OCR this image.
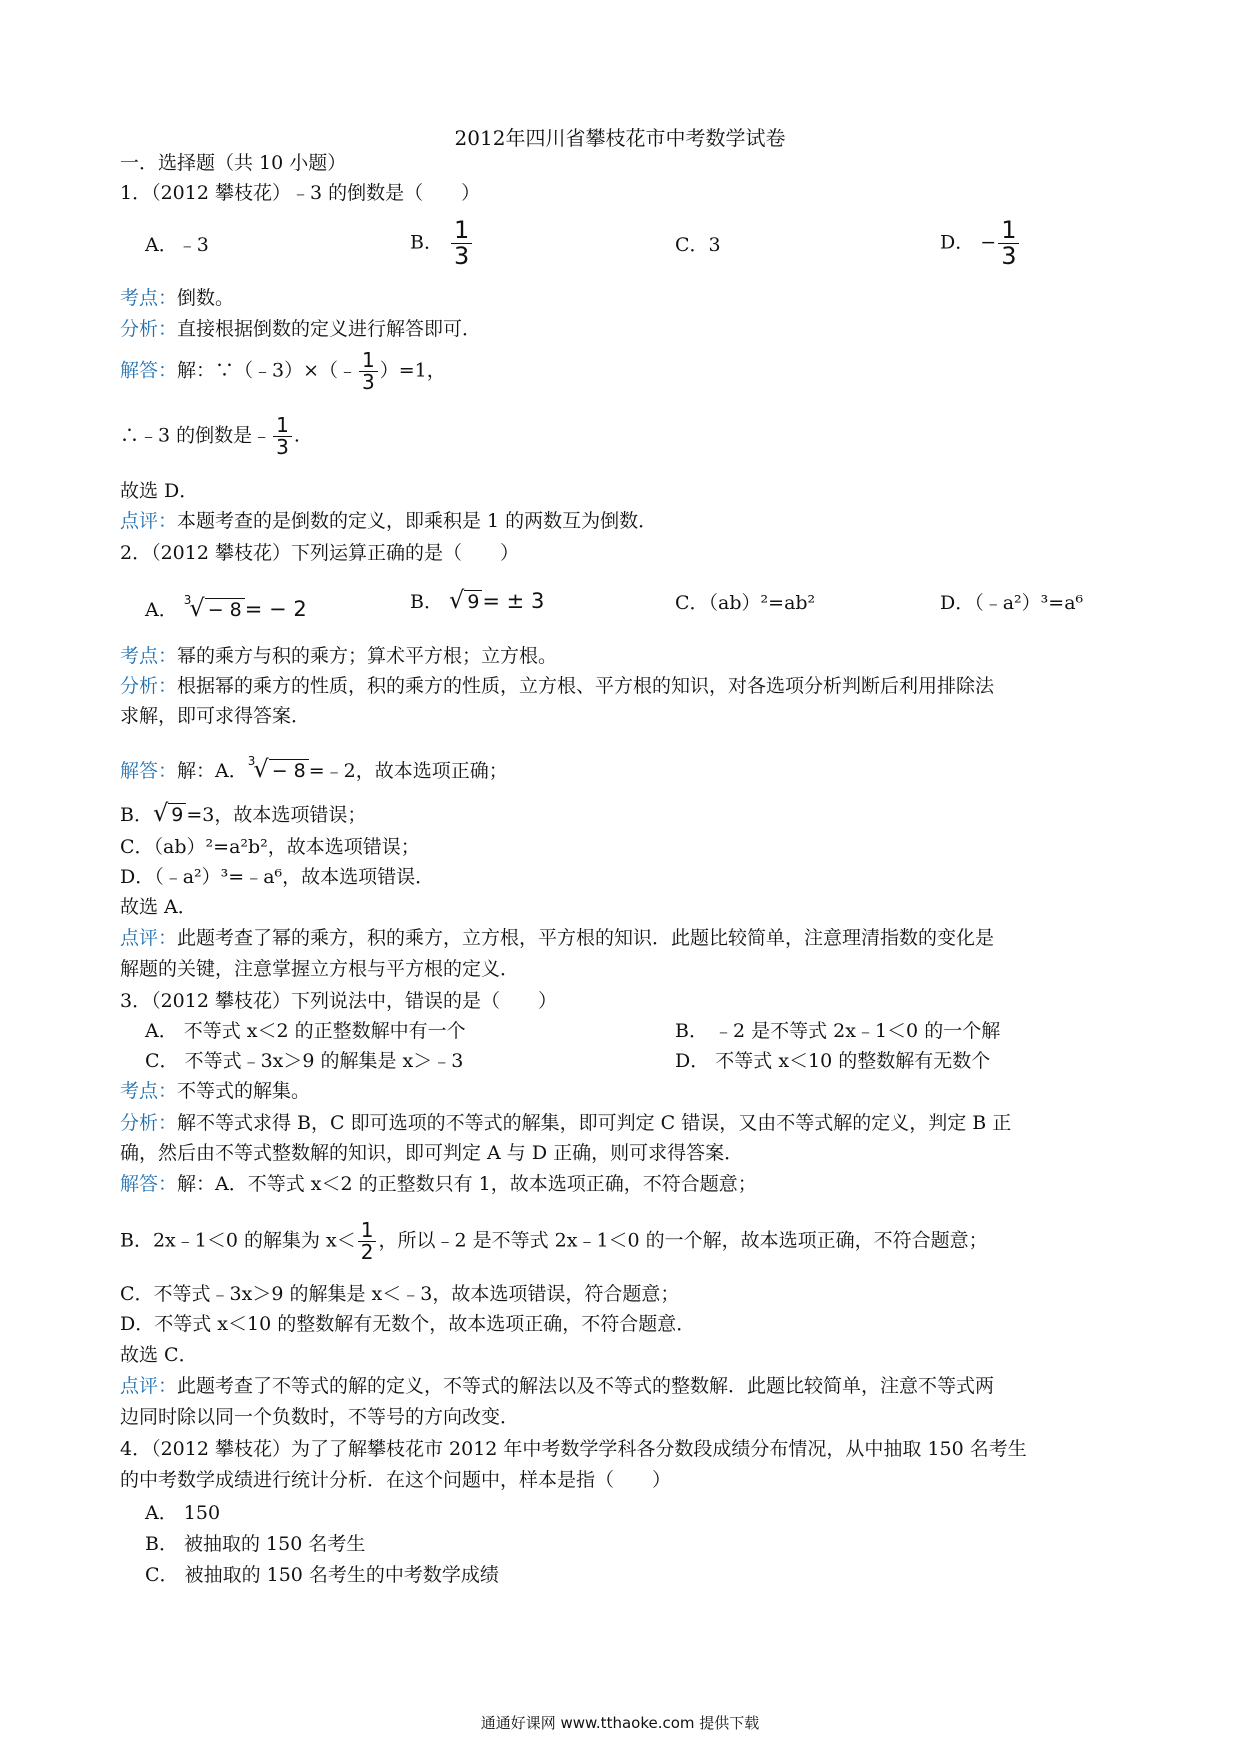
2012年四川省攀枝花市中考数学试卷
一．选择题（共 10 小题）
1．（2012 攀枝花）﹣3 的倒数是（　　）
A．﹣3	B． $\frac{1}{3}$	C．3	D． − $\frac{1}{3}$
考点：倒数。
分析：直接根据倒数的定义进行解答即可．
解答：解：∵（﹣3）×（﹣ $\frac{1}{3} )=1$，
∴﹣3 的倒数是﹣ $\frac{1}{3}$ .
故选 D．
点评：本题考查的是倒数的定义，即乘积是 1 的两数互为倒数．
2．（2012 攀枝花）下列运算正确的是（　　）
A． $^3$√ − 8 = − 2	B． √ 9 = ± 3	C．（ab）²=ab²	D．（﹣a²）³=a⁶
考点：幂的乘方与积的乘方；算术平方根；立方根。
分析：根据幂的乘方的性质，积的乘方的性质，立方根、平方根的知识，对各选项分析判断后利用排除法
求解，即可求得答案．
解答：解：A．$^3$√ − 8 =﹣2，故本选项正确；
B．√ 9 =3，故本选项错误；
C．（ab）²=a²b²，故本选项错误；
D．（﹣a²）³=﹣a⁶，故本选项错误．
故选 A．
点评：此题考查了幂的乘方，积的乘方，立方根，平方根的知识．此题比较简单，注意理清指数的变化是
解题的关键，注意掌握立方根与平方根的定义．
3．（2012 攀枝花）下列说法中，错误的是（　　）
A． 不等式 x＜2 的正整数解中有一个	B． ﹣2 是不等式 2x﹣1＜0 的一个解
C． 不等式﹣3x＞9 的解集是 x＞﹣3	D． 不等式 x＜10 的整数解有无数个
考点：不等式的解集。
分析：解不等式求得 B，C 即可选项的不等式的解集，即可判定 C 错误，又由不等式解的定义，判定 B 正
确，然后由不等式整数解的知识，即可判定 A 与 D 正确，则可求得答案．
解答：解：A．不等式 x＜2 的正整数只有 1，故本选项正确，不符合题意；
B．2x﹣1＜0 的解集为 $x< \frac{1}{2}$ ，所以﹣2 是不等式 2x﹣1＜0 的一个解，故本选项正确，不符合题意；
C．不等式﹣3x＞9 的解集是 x＜﹣3，故本选项错误，符合题意；
D．不等式 x＜10 的整数解有无数个，故本选项正确，不符合题意．
故选 C．
点评：此题考查了不等式的解的定义，不等式的解法以及不等式的整数解．此题比较简单，注意不等式两
边同时除以同一个负数时，不等号的方向改变．
4．（2012 攀枝花）为了了解攀枝花市 2012 年中考数学学科各分数段成绩分布情况，从中抽取 150 名考生
的中考数学成绩进行统计分析．在这个问题中，样本是指（　　）
A． 150
B． 被抽取的 150 名考生
C． 被抽取的 150 名考生的中考数学成绩
通通好课网 www.tthaoke.com 提供下载
